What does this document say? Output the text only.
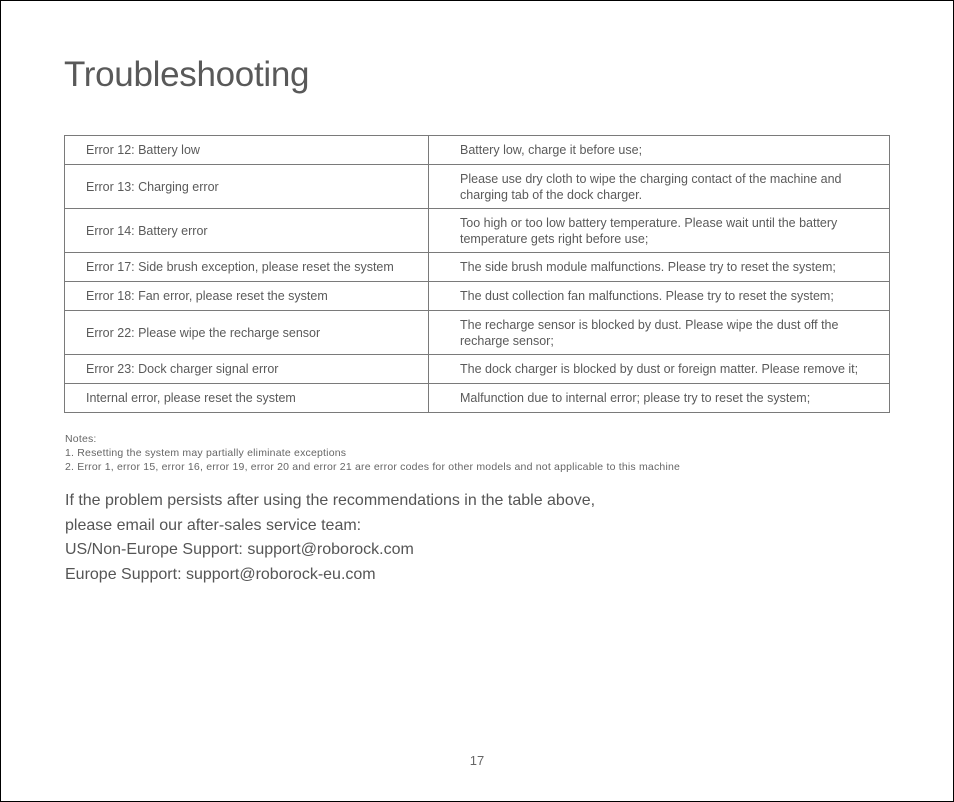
Troubleshooting
Error 12: Battery low	Battery low, charge it before use;
Error 13: Charging error	Please use dry cloth to wipe the charging contact of the machine and charging tab of the dock charger.
Error 14: Battery error	Too high or too low battery temperature. Please wait until the battery temperature gets right before use;
Error 17: Side brush exception, please reset the system	The side brush module malfunctions. Please try to reset the system;
Error 18: Fan error, please reset the system	The dust collection fan malfunctions. Please try to reset the system;
Error 22: Please wipe the recharge sensor	The recharge sensor is blocked by dust. Please wipe the dust off the recharge sensor;
Error 23: Dock charger signal error	The dock charger is blocked by dust or foreign matter. Please remove it;
Internal error, please reset the system	Malfunction due to internal error; please try to reset the system;
Notes:
1. Resetting the system may partially eliminate exceptions
2. Error 1, error 15, error 16, error 19, error 20 and error 21 are error codes for other models and not applicable to this machine
If the problem persists after using the recommendations in the table above,
please email our after-sales service team:
US/Non-Europe Support: support@roborock.com
Europe Support: support@roborock-eu.com
17
